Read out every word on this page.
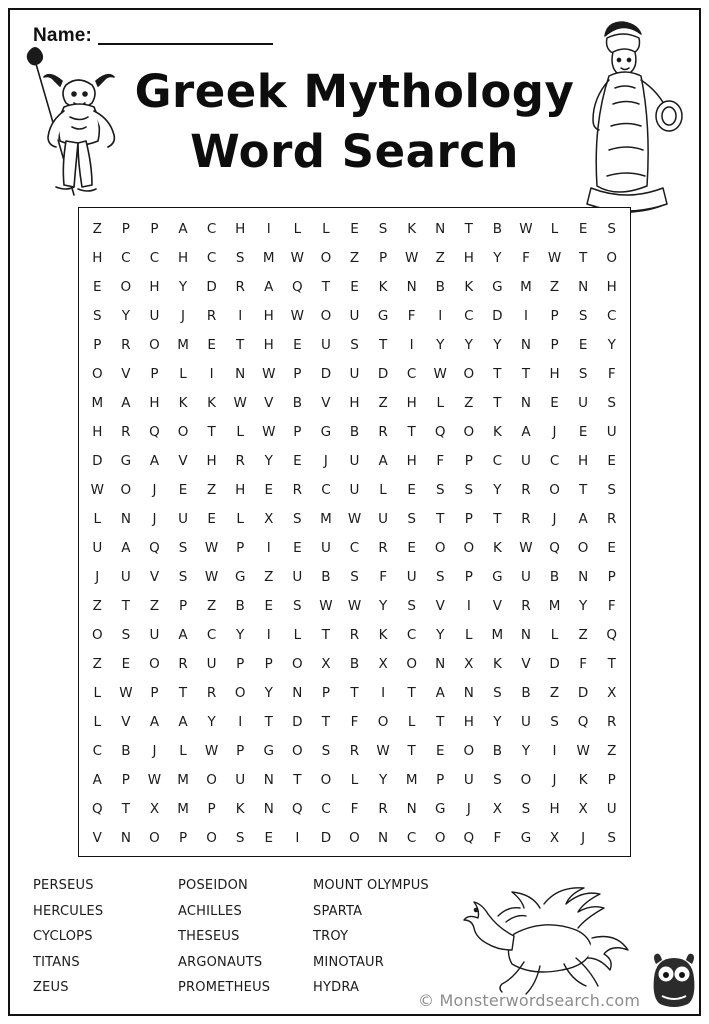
Name:
Greek Mythology
Word Search
Z	P	P	A	C	H	I	L	L	E	S	K	N	T	B	W	L	E	S
H	C	C	H	C	S	M	W	O	Z	P	W	Z	H	Y	F	W	T	O
E	O	H	Y	D	R	A	Q	T	E	K	N	B	K	G	M	Z	N	H
S	Y	U	J	R	I	H	W	O	U	G	F	I	C	D	I	P	S	C
P	R	O	M	E	T	H	E	U	S	T	I	Y	Y	Y	N	P	E	Y
O	V	P	L	I	N	W	P	D	U	D	C	W	O	T	T	H	S	F
M	A	H	K	K	W	V	B	V	H	Z	H	L	Z	T	N	E	U	S
H	R	Q	O	T	L	W	P	G	B	R	T	Q	O	K	A	J	E	U
D	G	A	V	H	R	Y	E	J	U	A	H	F	P	C	U	C	H	E
W	O	J	E	Z	H	E	R	C	U	L	E	S	S	Y	R	O	T	S
L	N	J	U	E	L	X	S	M	W	U	S	T	P	T	R	J	A	R
U	A	Q	S	W	P	I	E	U	C	R	E	O	O	K	W	Q	O	E
J	U	V	S	W	G	Z	U	B	S	F	U	S	P	G	U	B	N	P
Z	T	Z	P	Z	B	E	S	W	W	Y	S	V	I	V	R	M	Y	F
O	S	U	A	C	Y	I	L	T	R	K	C	Y	L	M	N	L	Z	Q
Z	E	O	R	U	P	P	O	X	B	X	O	N	X	K	V	D	F	T
L	W	P	T	R	O	Y	N	P	T	I	T	A	N	S	B	Z	D	X
L	V	A	A	Y	I	T	D	T	F	O	L	T	H	Y	U	S	Q	R
C	B	J	L	W	P	G	O	S	R	W	T	E	O	B	Y	I	W	Z
A	P	W	M	O	U	N	T	O	L	Y	M	P	U	S	O	J	K	P
Q	T	X	M	P	K	N	Q	C	F	R	N	G	J	X	S	H	X	U
V	N	O	P	O	S	E	I	D	O	N	C	O	Q	F	G	X	J	S
PERSEUS
HERCULES
CYCLOPS
TITANS
ZEUS
POSEIDON
ACHILLES
THESEUS
ARGONAUTS
PROMETHEUS
MOUNT OLYMPUS
SPARTA
TROY
MINOTAUR
HYDRA
© Monsterwordsearch.com
